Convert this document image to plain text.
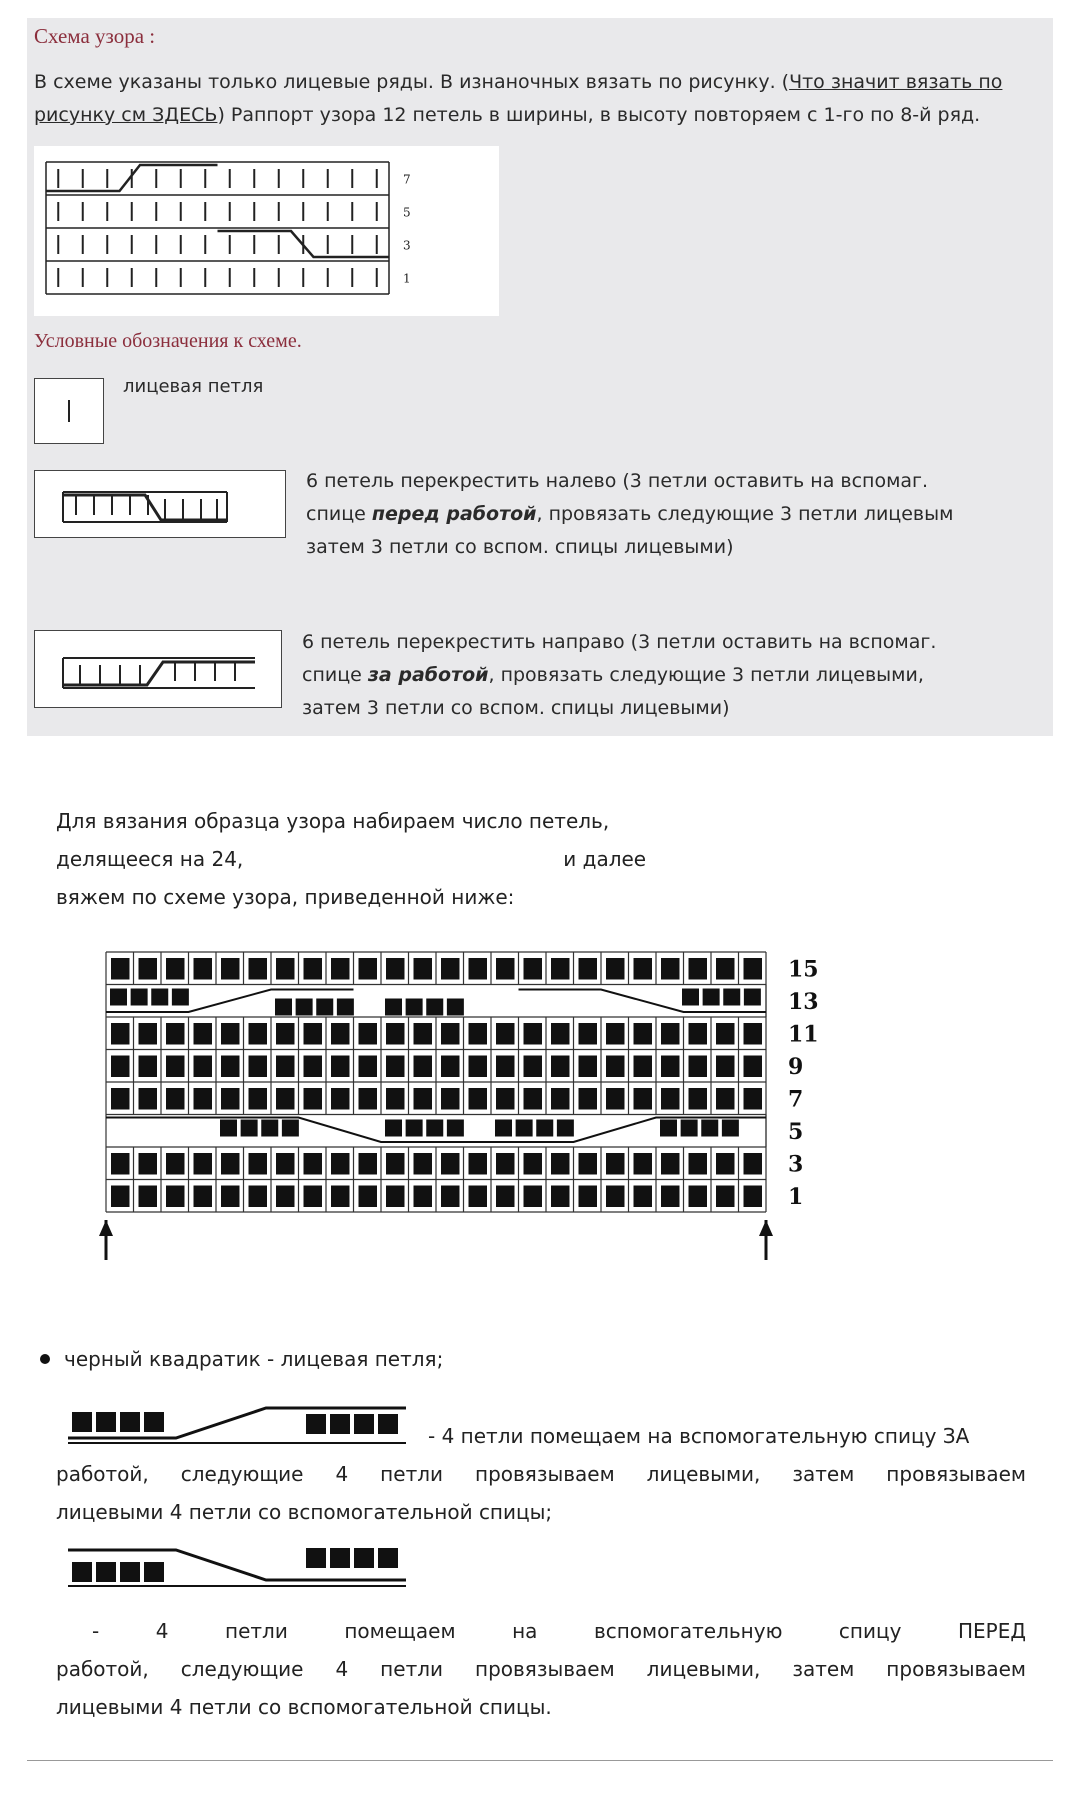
Схема узора :
В схеме указаны только лицевые ряды. В изнаночных вязать по рисунку. (Что значит вязать по
рисунку см ЗДЕСЬ) Раппорт узора 12 петель в ширины, в высоту повторяем с 1-го по 8-й ряд.
7
5
3
1
Условные обозначения к схеме.
лицевая петля
6 петель перекрестить налево (3 петли оставить на вспомаг.
спице перед работой, провязать следующие 3 петли лицевым
затем 3 петли со вспом. спицы лицевыми)
6 петель перекрестить направо (3 петли оставить на вспомаг.
спице за работой, провязать следующие 3 петли лицевыми,
затем 3 петли со вспом. спицы лицевыми)
Для вязания образца узора набираем число петель,
делящееся на 24,	и далее
вяжем по схеме узора, приведенной ниже:
15
13
11
9
7
5
3
1
черный квадратик - лицевая петля;
- 4 петли помещаем на вспомогательную спицу ЗА
работой, следующие 4 петли провязываем лицевыми, затем провязываем
лицевыми 4 петли со вспомогательной спицы;
- 4 петли помещаем на вспомогательную спицу ПЕРЕД
работой, следующие 4 петли провязываем лицевыми, затем провязываем
лицевыми 4 петли со вспомогательной спицы.
